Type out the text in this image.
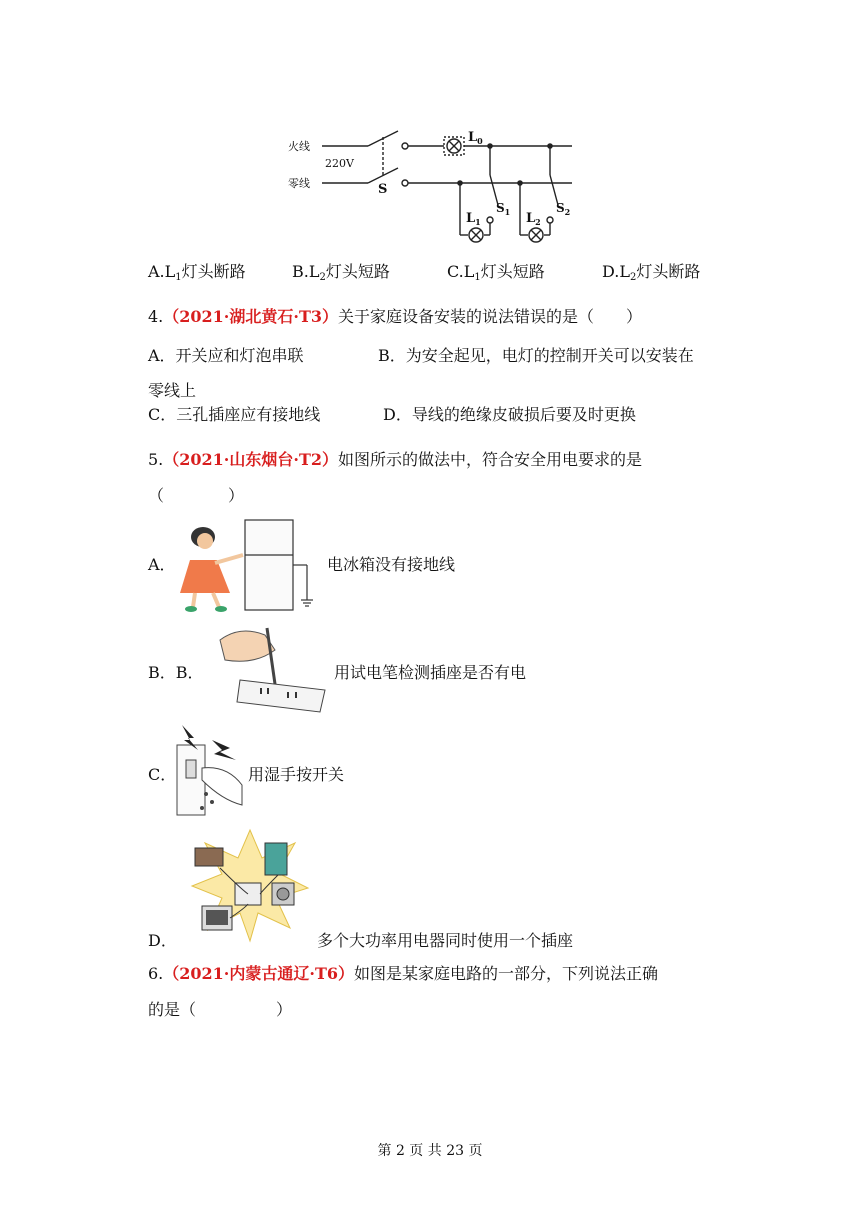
火线
零线
220V
S
$L_0$
$L_1$	$L_2$
$S_1$	$S_2$
$A.L_1$灯头断路	$B.L_2$灯头短路	$C.L_1$灯头短路	$D.L_2$灯头断路
4.（2021·湖北黄石·T3）关于家庭设备安装的说法错误的是（　　）
A．开关应和灯泡串联	B．为安全起见，电灯的控制开关可以安装在
零线上
C．三孔插座应有接地线	D．导线的绝缘皮破损后要及时更换
5.（2021·山东烟台·T2）如图所示的做法中，符合安全用电要求的是
（　　　　）
A．	电冰箱没有接地线
B．B．	用试电笔检测插座是否有电
C．	用湿手按开关
D．	多个大功率用电器同时使用一个插座
6.（2021·内蒙古通辽·T6）如图是某家庭电路的一部分，下列说法正确
的是（　　　　　）
第 2 页 共 23 页
